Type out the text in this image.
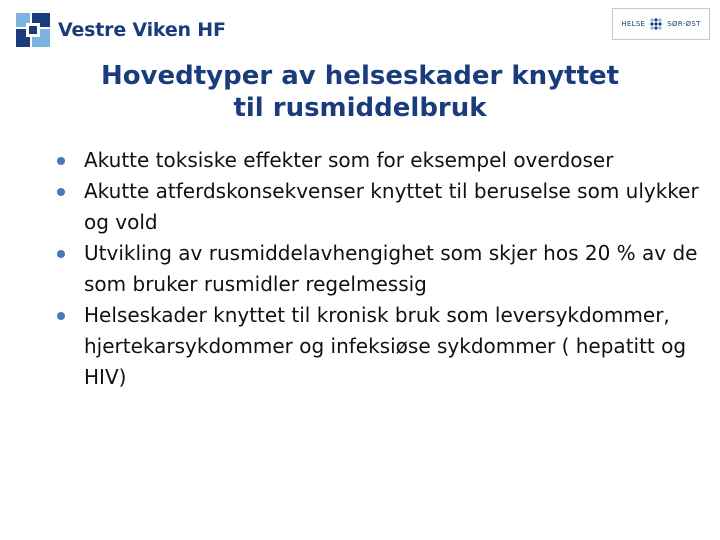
Vestre Viken HF	HELSE	SØR-ØST
Hovedtyper av helseskader knyttet
til rusmiddelbruk
Akutte toksiske effekter som for eksempel overdoser
Akutte atferdskonsekvenser knyttet til beruselse som ulykker og vold
Utvikling av rusmiddelavhengighet som skjer hos 20 % av de som bruker rusmidler regelmessig
Helseskader knyttet til kronisk bruk som leversykdommer, hjertekarsykdommer og infeksiøse sykdommer ( hepatitt og HIV)
